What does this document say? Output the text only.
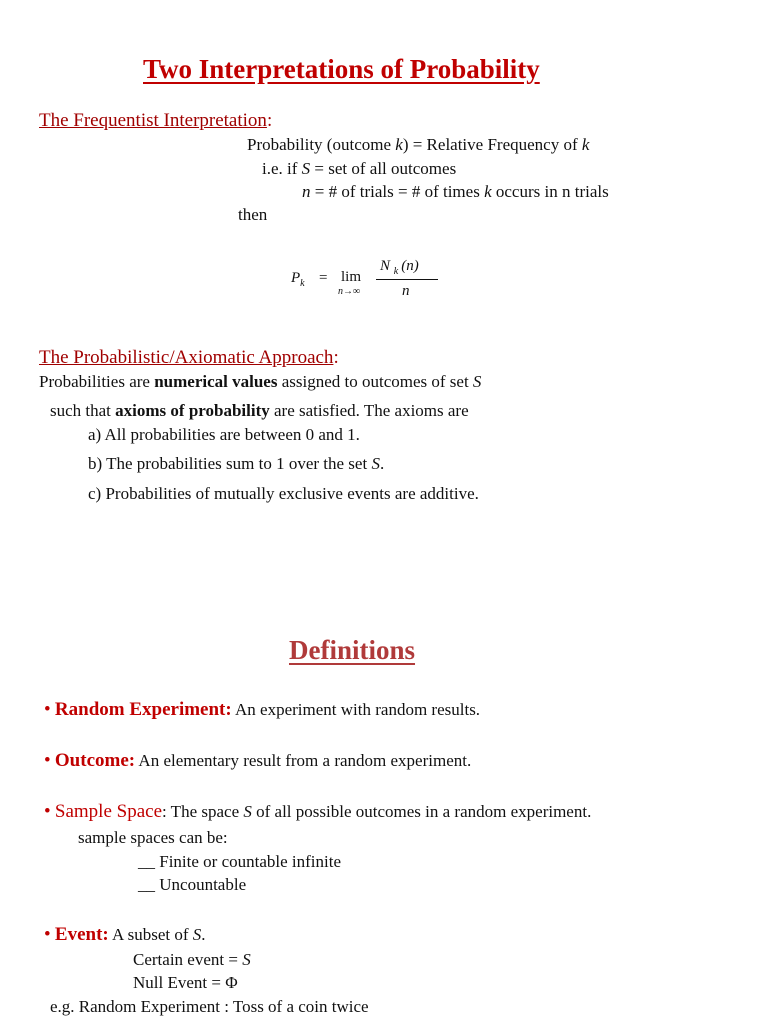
Two Interpretations of Probability
The Frequentist Interpretation:
Probability (outcome k) = Relative Frequency of k
i.e. if S = set of all outcomes
n = # of trials = # of times k occurs in n trials
then
$P_k = \lim$
n→∞
N $_k$ (n)
n
The Probabilistic/Axiomatic Approach:
Probabilities are numerical values assigned to outcomes of set S
such that axioms of probability are satisfied. The axioms are
a) All probabilities are between 0 and 1.
b) The probabilities sum to 1 over the set S.
c) Probabilities of mutually exclusive events are additive.
Definitions
• Random Experiment: An experiment with random results.
• Outcome: An elementary result from a random experiment.
• Sample Space: The space S of all possible outcomes in a random experiment.
sample spaces can be:
__ Finite or countable infinite
__ Uncountable
• Event: A subset of S.
Certain event = S
Null Event = Φ
e.g. Random Experiment : Toss of a coin twice
